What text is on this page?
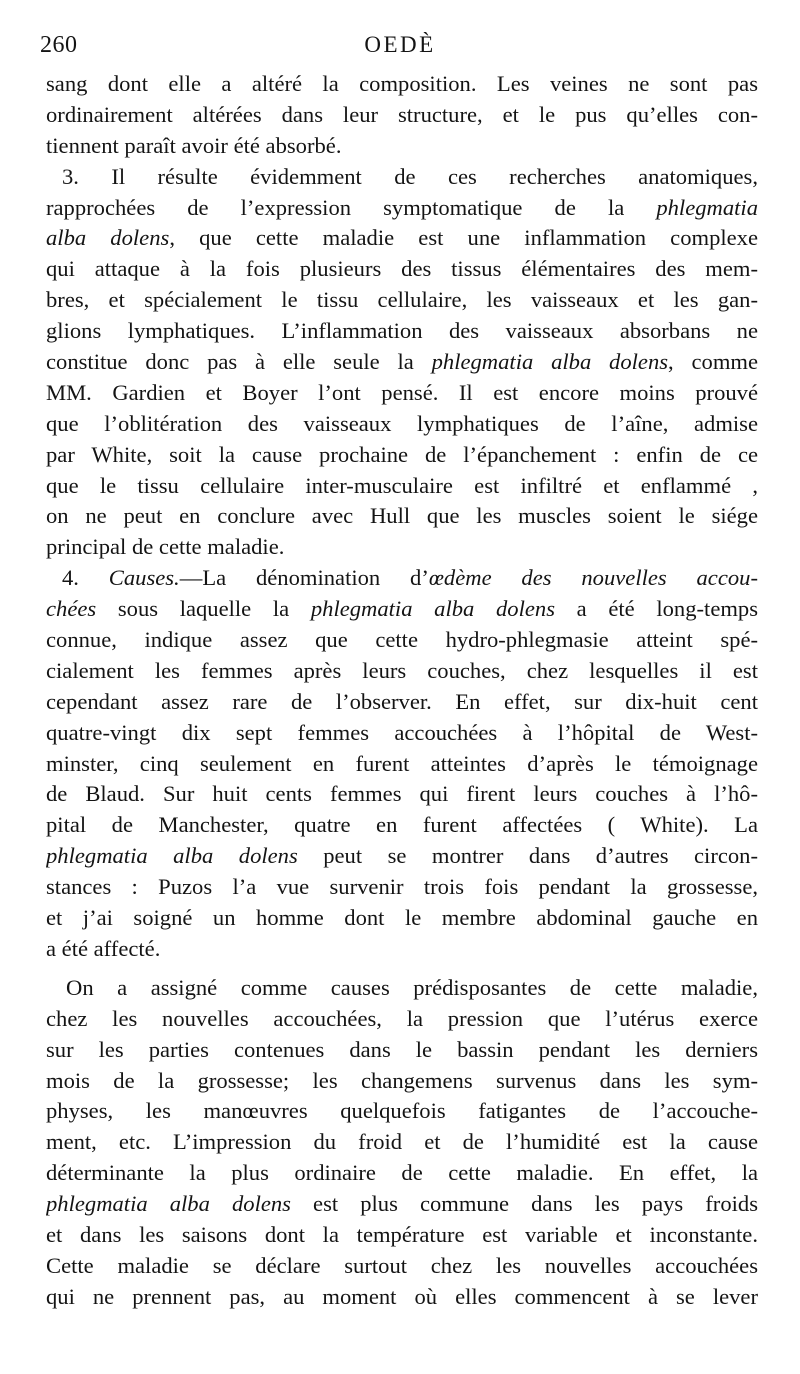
260	OEDÈ
sang dont elle a altéré la composition. Les veines ne sont pas
ordinairement altérées dans leur structure, et le pus qu’elles con-
tiennent paraît avoir été absorbé.
3. Il résulte évidemment de ces recherches anatomiques,
rapprochées de l’expression symptomatique de la phlegmatia
alba dolens, que cette maladie est une inflammation complexe
qui attaque à la fois plusieurs des tissus élémentaires des mem-
bres, et spécialement le tissu cellulaire, les vaisseaux et les gan-
glions lymphatiques. L’inflammation des vaisseaux absorbans ne
constitue donc pas à elle seule la phlegmatia alba dolens, comme
MM. Gardien et Boyer l’ont pensé. Il est encore moins prouvé
que l’oblitération des vaisseaux lymphatiques de l’aîne, admise
par White, soit la cause prochaine de l’épanchement : enfin de ce
que le tissu cellulaire inter-musculaire est infiltré et enflammé ,
on ne peut en conclure avec Hull que les muscles soient le siége
principal de cette maladie.
4. Causes.—La dénomination d’œdème des nouvelles accou-
chées sous laquelle la phlegmatia alba dolens a été long-temps
connue, indique assez que cette hydro-phlegmasie atteint spé-
cialement les femmes après leurs couches, chez lesquelles il est
cependant assez rare de l’observer. En effet, sur dix-huit cent
quatre-vingt dix sept femmes accouchées à l’hôpital de West-
minster, cinq seulement en furent atteintes d’après le témoignage
de Blaud. Sur huit cents femmes qui firent leurs couches à l’hô-
pital de Manchester, quatre en furent affectées ( White). La
phlegmatia alba dolens peut se montrer dans d’autres circon-
stances : Puzos l’a vue survenir trois fois pendant la grossesse,
et j’ai soigné un homme dont le membre abdominal gauche en
a été affecté.
On a assigné comme causes prédisposantes de cette maladie,
chez les nouvelles accouchées, la pression que l’utérus exerce
sur les parties contenues dans le bassin pendant les derniers
mois de la grossesse; les changemens survenus dans les sym-
physes, les manœuvres quelquefois fatigantes de l’accouche-
ment, etc. L’impression du froid et de l’humidité est la cause
déterminante la plus ordinaire de cette maladie. En effet, la
phlegmatia alba dolens est plus commune dans les pays froids
et dans les saisons dont la température est variable et inconstante.
Cette maladie se déclare surtout chez les nouvelles accouchées
qui ne prennent pas, au moment où elles commencent à se lever
